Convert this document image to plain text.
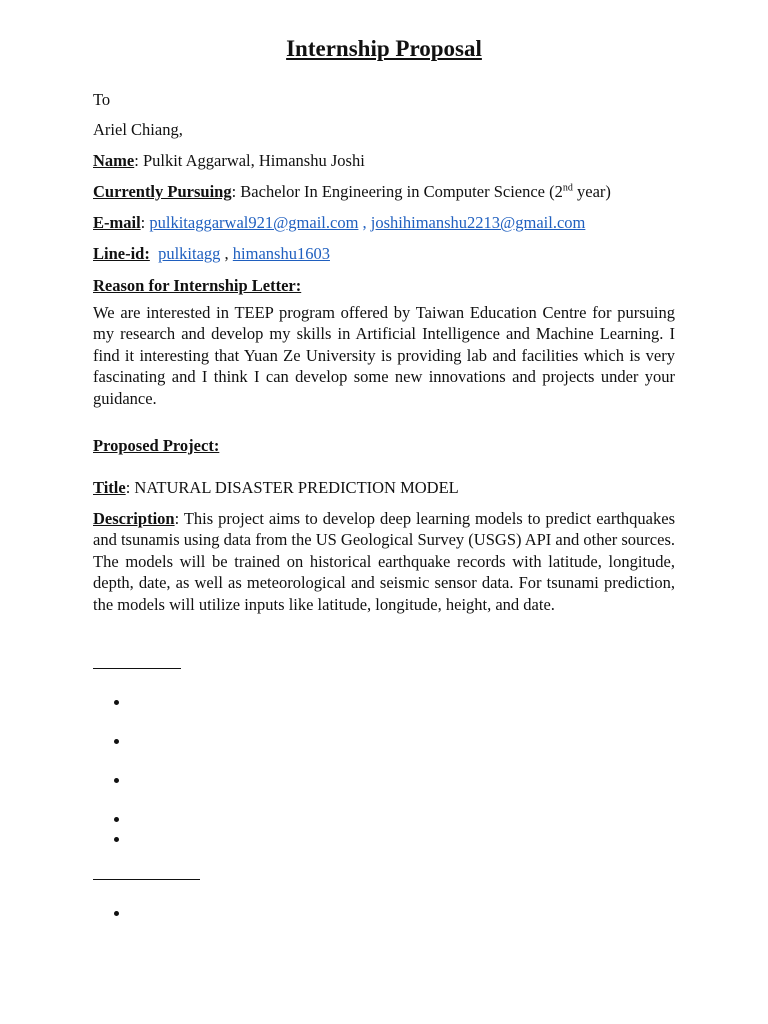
Internship Proposal
To
Ariel Chiang,
Name: Pulkit Aggarwal, Himanshu Joshi
Currently Pursuing: Bachelor In Engineering in Computer Science (2nd year)
E-mail: pulkitaggarwal921@gmail.com , joshihimanshu2213@gmail.com
Line-id: pulkitagg , himanshu1603
Reason for Internship Letter:
We are interested in TEEP program offered by Taiwan Education Centre for pursuing my research and develop my skills in Artificial Intelligence and Machine Learning. I find it interesting that Yuan Ze University is providing lab and facilities which is very fascinating and I think I can develop some new innovations and projects under your guidance.
Proposed Project:
Title: NATURAL DISASTER PREDICTION MODEL
Description: This project aims to develop deep learning models to predict earthquakes and tsunamis using data from the US Geological Survey (USGS) API and other sources. The models will be trained on historical earthquake records with latitude, longitude, depth, date, as well as meteorological and seismic sensor data. For tsunami prediction, the models will utilize inputs like latitude, longitude, height, and date.
